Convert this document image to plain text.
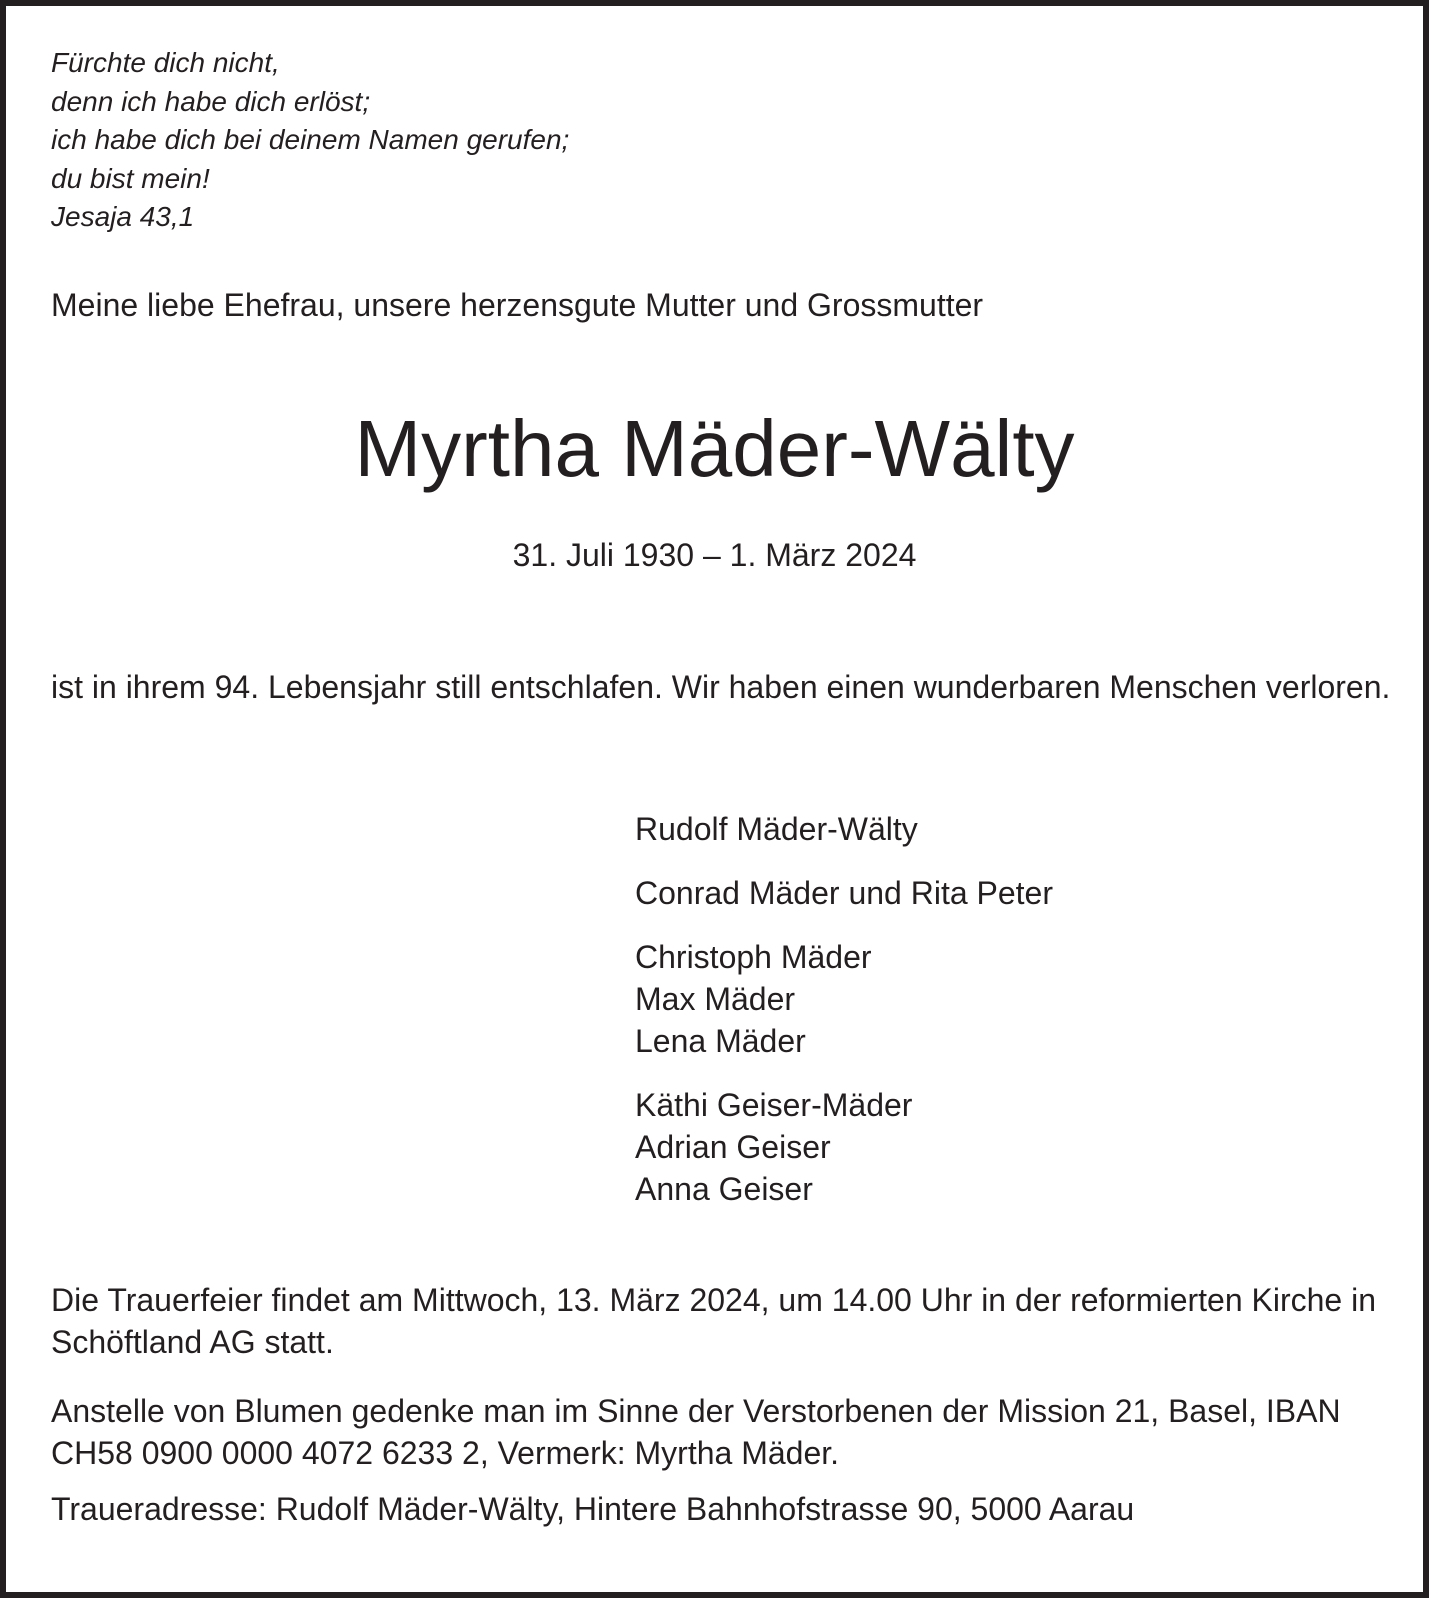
Fürchte dich nicht,
denn ich habe dich erlöst;
ich habe dich bei deinem Namen gerufen;
du bist mein!
Jesaja 43,1
Meine liebe Ehefrau, unsere herzensgute Mutter und Grossmutter
Myrtha Mäder-Wälty
31. Juli 1930 – 1. März 2024
ist in ihrem 94. Lebensjahr still entschlafen. Wir haben einen wunderbaren Menschen verloren.
Rudolf Mäder-Wälty
Conrad Mäder und Rita Peter
Christoph Mäder
Max Mäder
Lena Mäder
Käthi Geiser-Mäder
Adrian Geiser
Anna Geiser
Die Trauerfeier findet am Mittwoch, 13. März 2024, um 14.00 Uhr in der reformierten Kirche in Schöftland AG statt.
Anstelle von Blumen gedenke man im Sinne der Verstorbenen der Mission 21, Basel, IBAN CH58 0900 0000 4072 6233 2, Vermerk: Myrtha Mäder.
Traueradresse: Rudolf Mäder-Wälty, Hintere Bahnhofstrasse 90, 5000 Aarau
